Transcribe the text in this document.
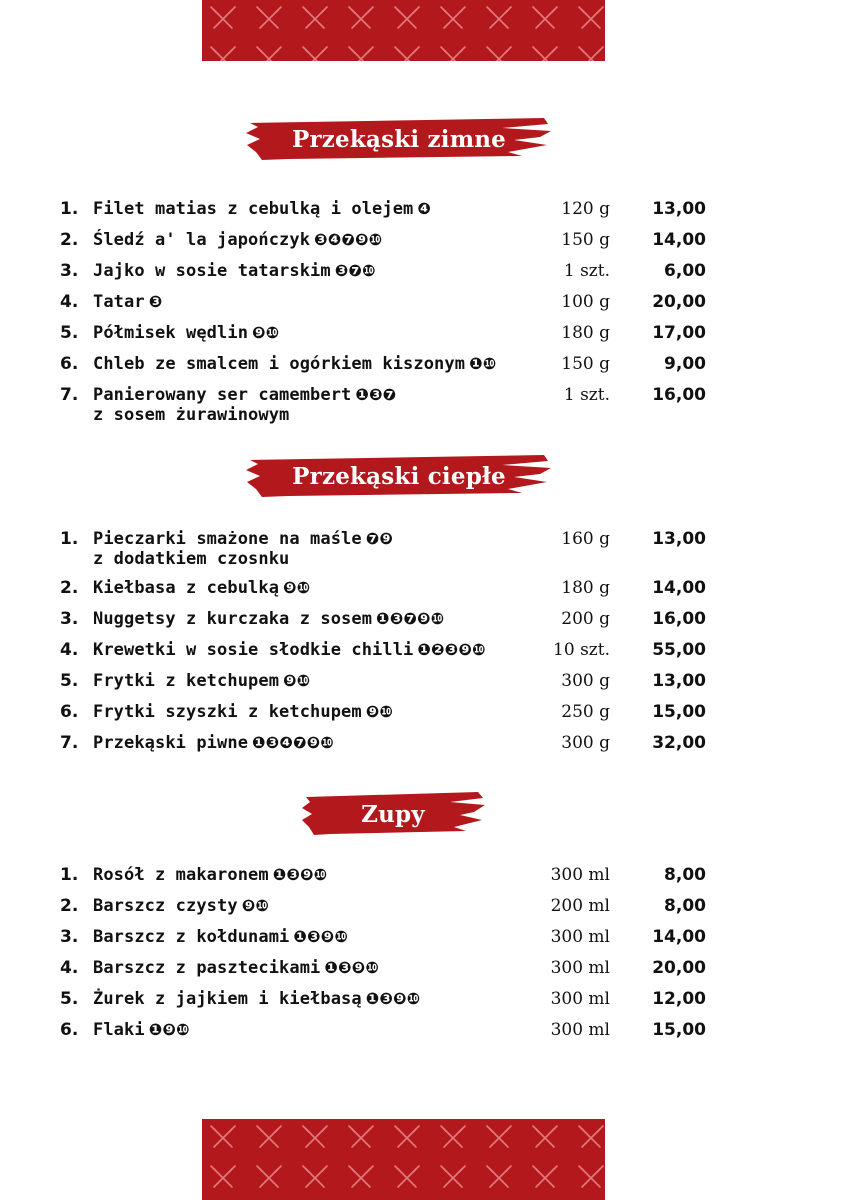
Przekąski zimne
1. Filet matias z cebulką i olejem ❹	120 g	13,00
2. Śledź a' la japończyk ❸❹❼❾❿	150 g	14,00
3. Jajko w sosie tatarskim ❸❼❿	1 szt.	6,00
4. Tatar ❸	100 g	20,00
5. Półmisek wędlin ❾❿	180 g	17,00
6. Chleb ze smalcem i ogórkiem kiszonym ❶❿	150 g	9,00
7. Panierowany ser camembert ❶❸❼
z sosem żurawinowym
1 szt.	16,00
Przekąski ciepłe
1. Pieczarki smażone na maśle ❼❾
z dodatkiem czosnku
160 g	13,00
2. Kiełbasa z cebulką ❾❿	180 g	14,00
3. Nuggetsy z kurczaka z sosem ❶❸❼❾❿	200 g	16,00
4. Krewetki w sosie słodkie chilli ❶❷❸❾❿	10 szt.	55,00
5. Frytki z ketchupem ❾❿	300 g	13,00
6. Frytki szyszki z ketchupem ❾❿	250 g	15,00
7. Przekąski piwne ❶❸❹❼❾❿	300 g	32,00
Zupy
1. Rosół z makaronem ❶❸❾❿	300 ml	8,00
2. Barszcz czysty ❾❿	200 ml	8,00
3. Barszcz z kołdunami ❶❸❾❿	300 ml	14,00
4. Barszcz z pasztecikami ❶❸❾❿	300 ml	20,00
5. Żurek z jajkiem i kiełbasą ❶❸❾❿	300 ml	12,00
6. Flaki ❶❾❿	300 ml	15,00
